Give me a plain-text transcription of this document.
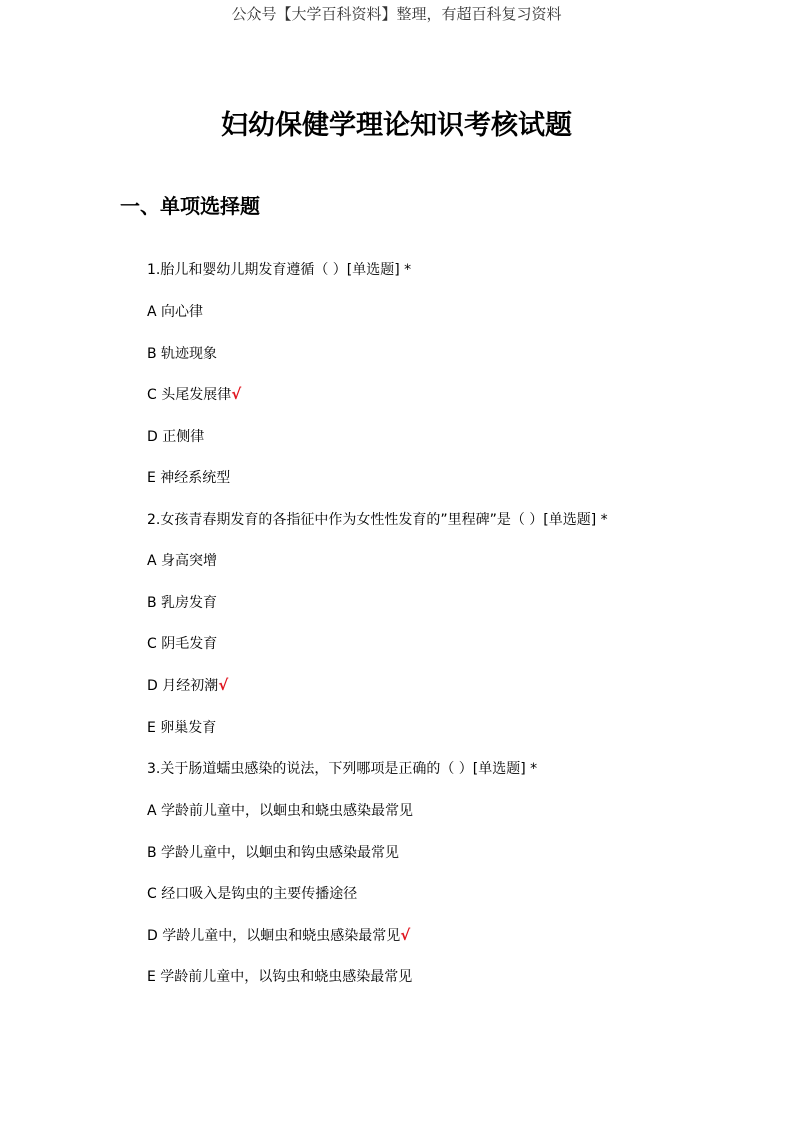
公众号【大学百科资料】整理，有超百科复习资料
妇幼保健学理论知识考核试题
一、单项选择题
1.胎儿和婴幼儿期发育遵循（ ）[单选题] *
A 向心律
B 轨迹现象
C 头尾发展律√
D 正侧律
E 神经系统型
2.女孩青春期发育的各指征中作为女性性发育的”里程碑”是（ ）[单选题] *
A 身高突增
B 乳房发育
C 阴毛发育
D 月经初潮√
E 卵巢发育
3.关于肠道蠕虫感染的说法，下列哪项是正确的（ ）[单选题] *
A 学龄前儿童中，以蛔虫和蛲虫感染最常见
B 学龄儿童中，以蛔虫和钩虫感染最常见
C 经口吸入是钩虫的主要传播途径
D 学龄儿童中，以蛔虫和蛲虫感染最常见√
E 学龄前儿童中，以钩虫和蛲虫感染最常见
